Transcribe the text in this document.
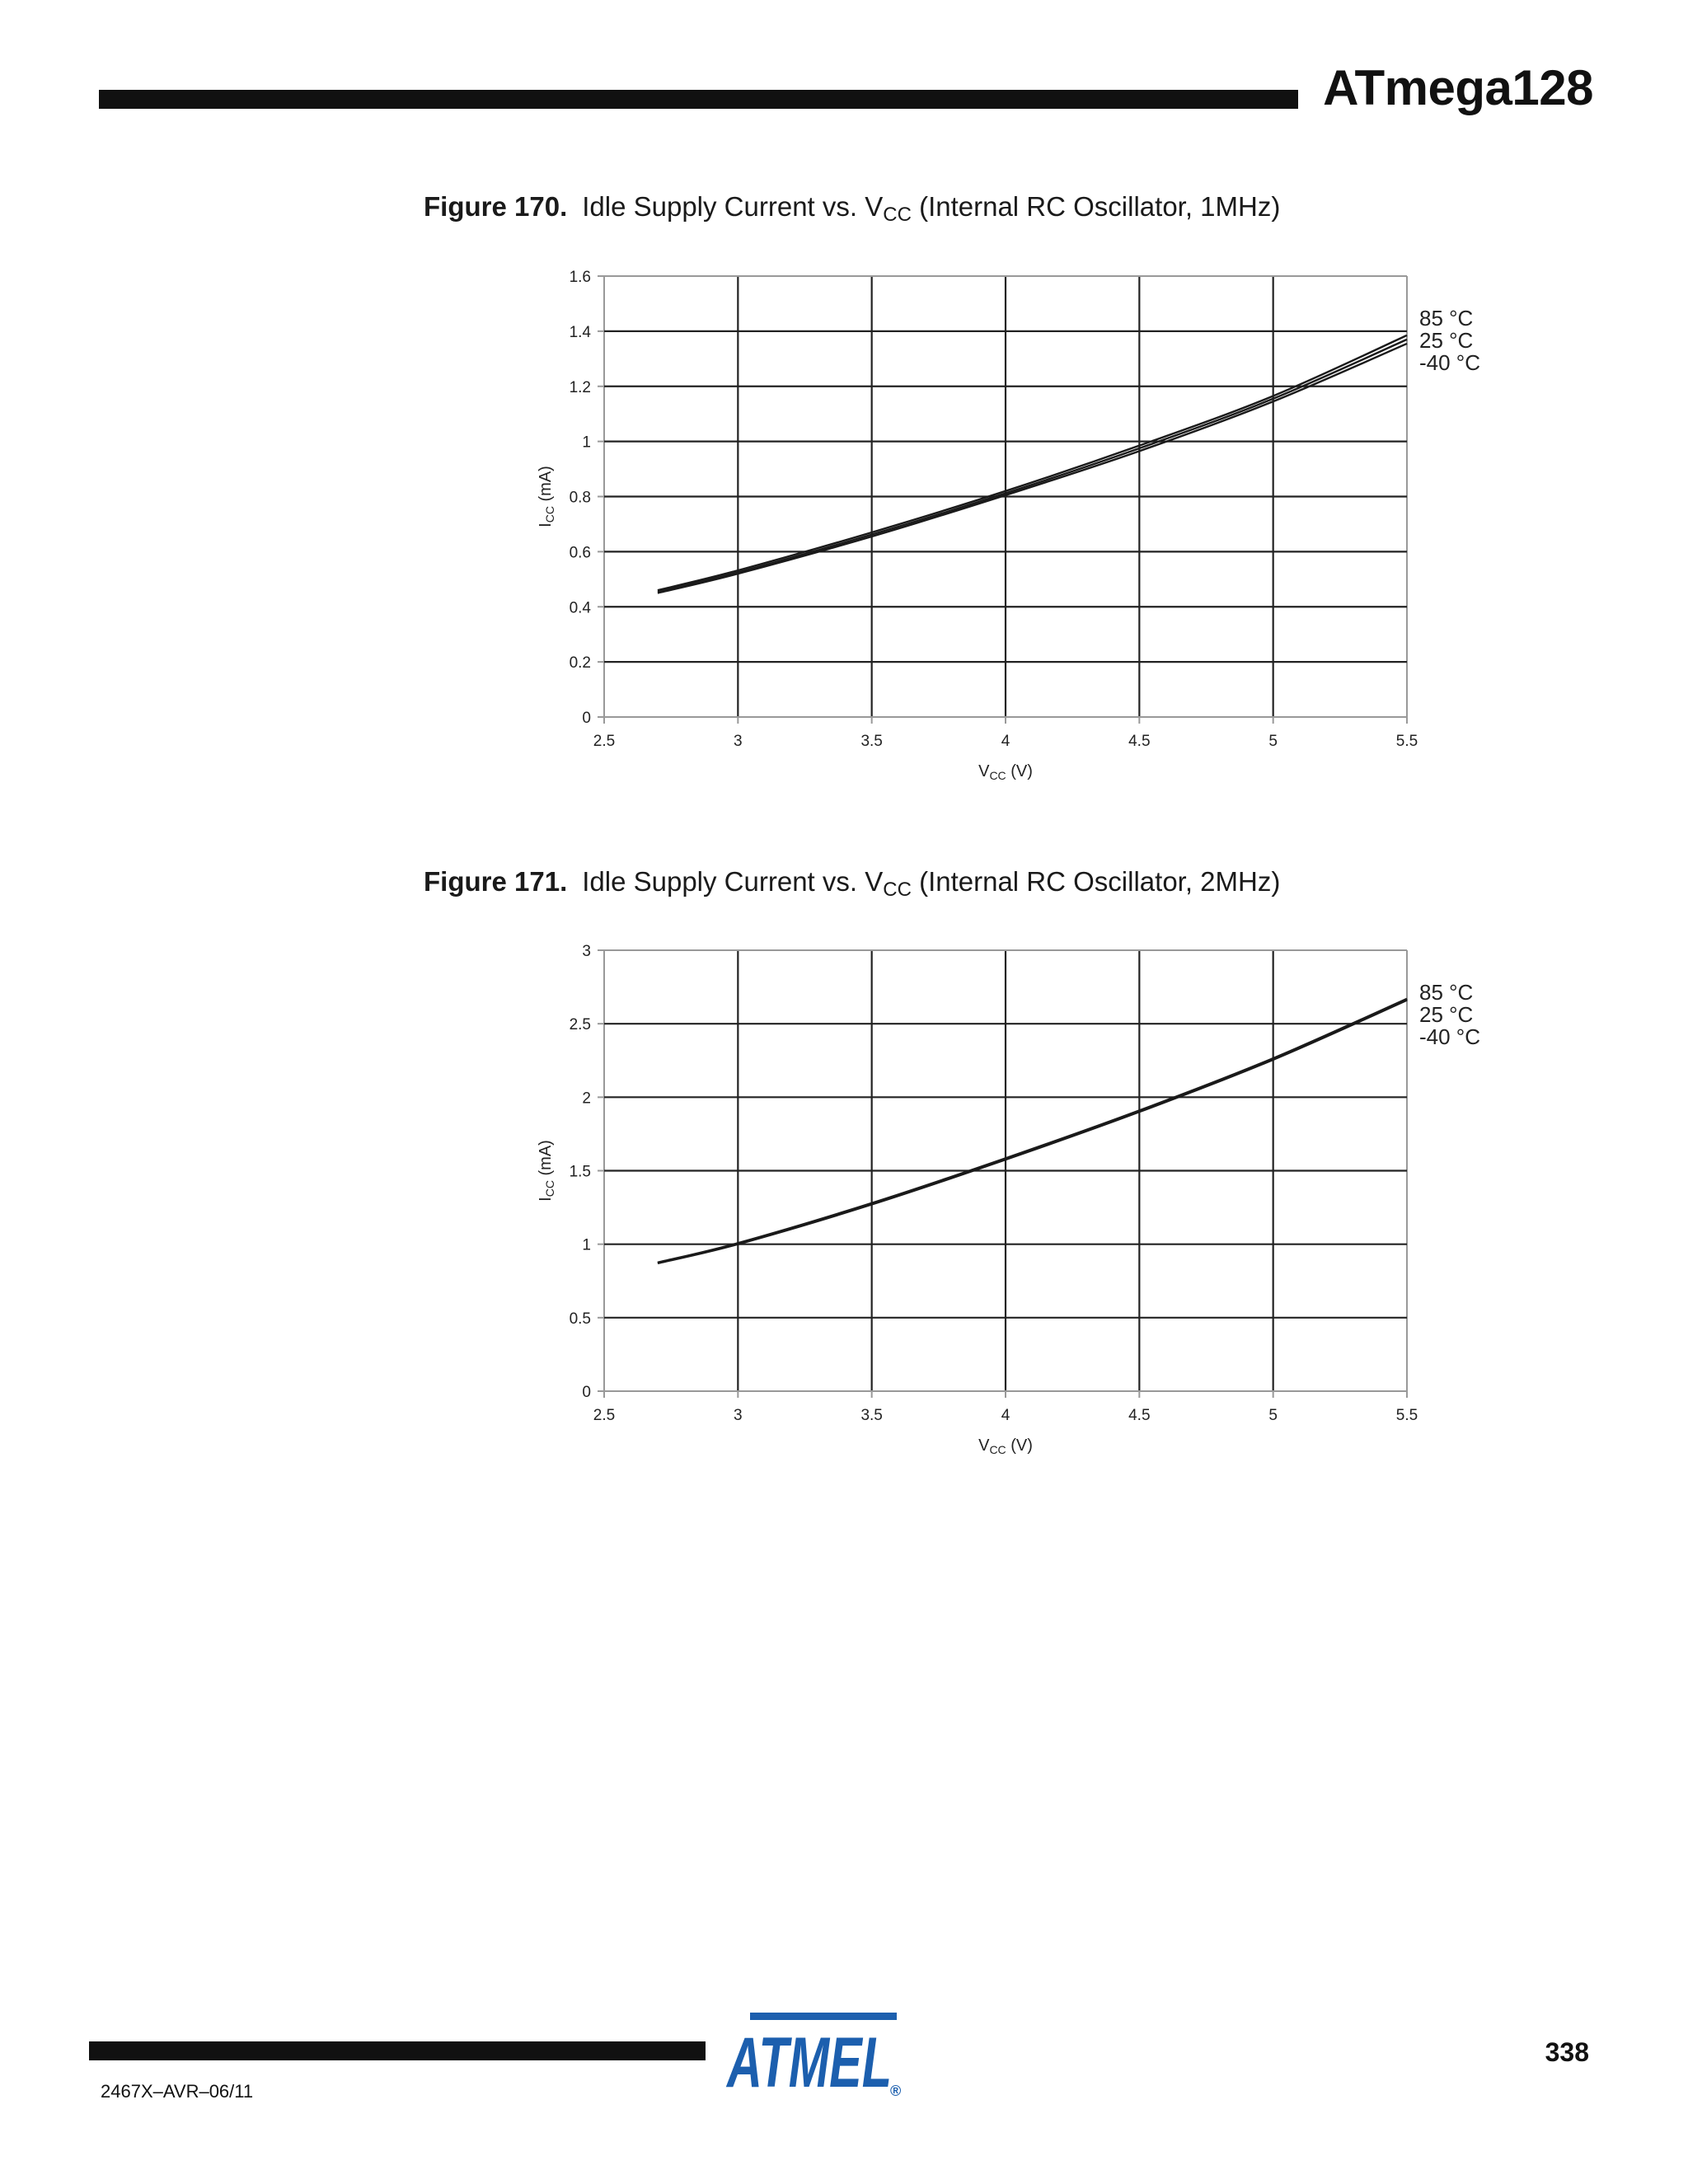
ATmega128
Figure 170. Idle Supply Current vs. $V_{CC}$ (Internal RC Oscillator, 1MHz)
2.5	3	3.5	4	4.5	5	5.5
0
0.2
0.4
0.6
0.8
1
1.2
1.4
1.6
$V_{CC}$ (V)
$I_{CC}$ (mA)
85 °C
25 °C
-40 °C
Figure 171. Idle Supply Current vs. $V_{CC}$ (Internal RC Oscillator, 2MHz)
2.5	3	3.5	4	4.5	5	5.5
0
0.5
1
1.5
2
2.5
3
$V_{CC}$ (V)
$I_{CC}$ (mA)
85 °C
25 °C
-40 °C
ATMEL
®
338
2467X–AVR–06/11
